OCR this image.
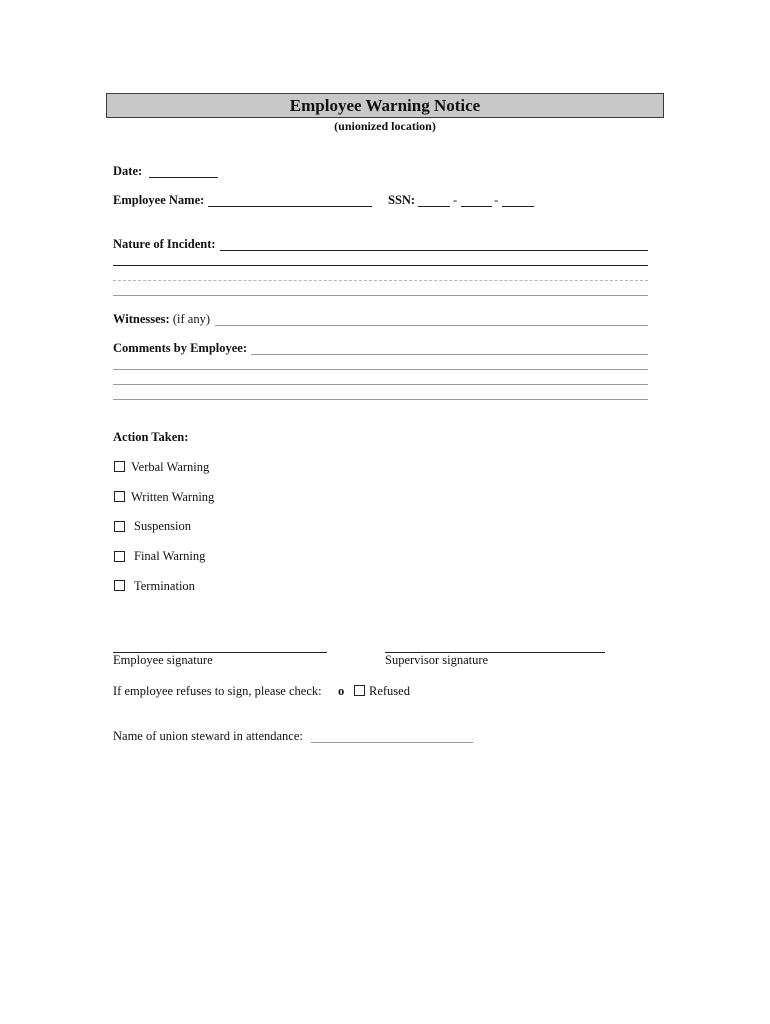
Employee Warning Notice
(unionized location)
Date:
Employee Name:	SSN:	-	-
Nature of Incident:
Witnesses: (if any)
Comments by Employee:
Action Taken:
Verbal Warning
Written Warning
Suspension
Final Warning
Termination
Employee signature	Supervisor signature
If employee refuses to sign, please check: o Refused
Name of union steward in attendance:
